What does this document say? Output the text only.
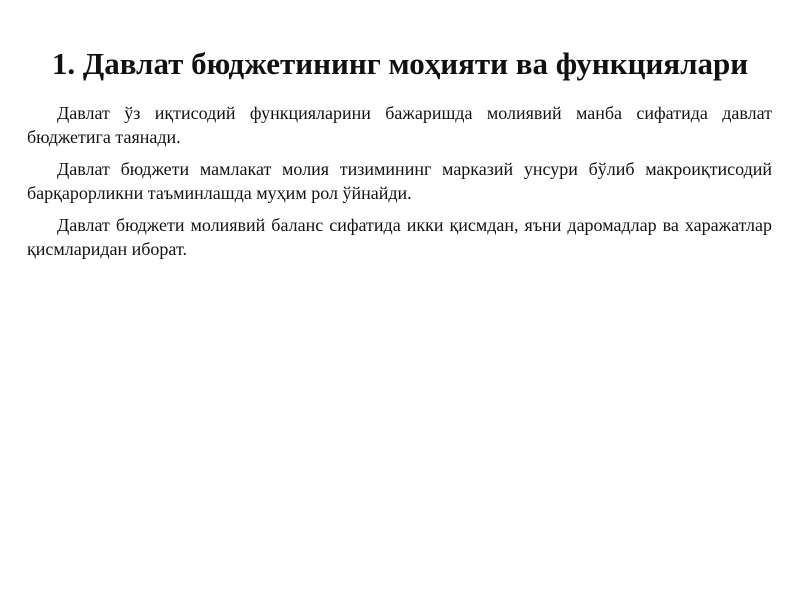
1. Давлат бюджетининг моҳияти ва функциялари

Давлат ўз иқтисодий функцияларини бажаришда молиявий манба сифатида давлат бюджетига таянади.

Давлат бюджети мамлакат молия тизимининг марказий унсури бўлиб макроиқтисодий барқарорликни таъминлашда муҳим рол ўйнайди.

Давлат бюджети молиявий баланс сифатида икки қисмдан, яъни даромадлар ва харажатлар қисмларидан иборат.
